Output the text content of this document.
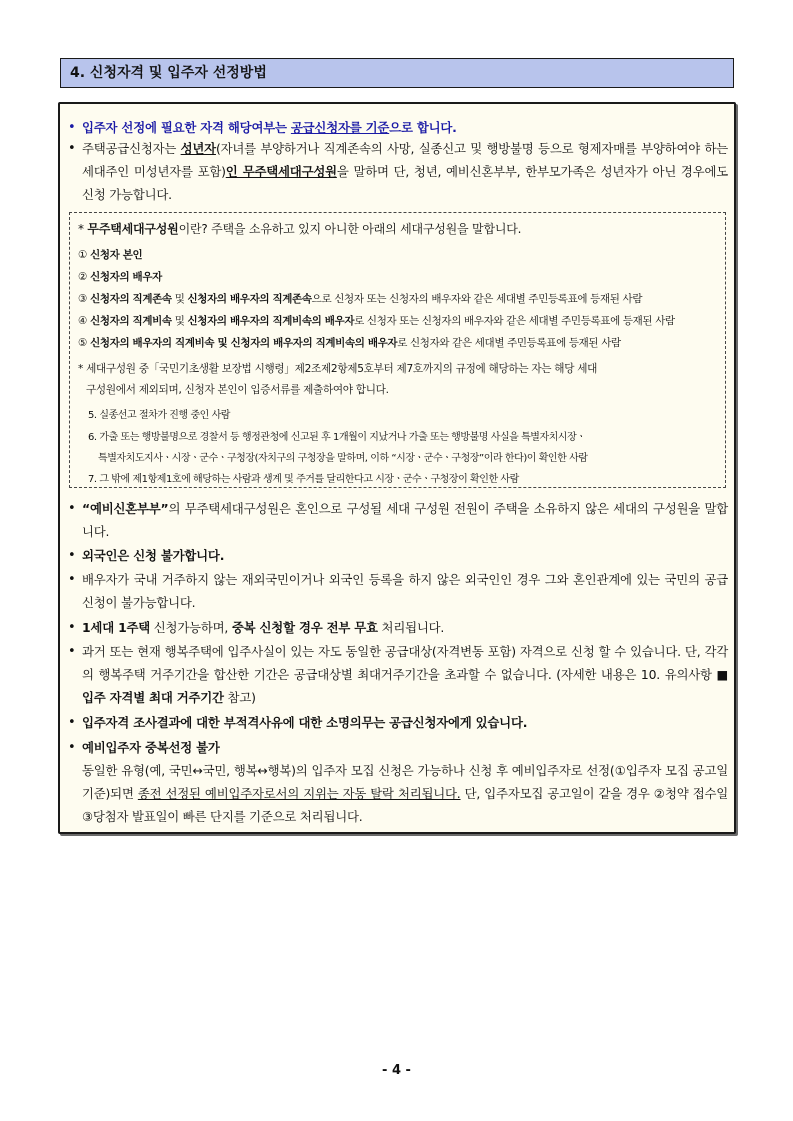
4. 신청자격 및 입주자 선정방법
• 입주자 선정에 필요한 자격 해당여부는 공급신청자를 기준으로 합니다.
• 주택공급신청자는 성년자(자녀를 부양하거나 직계존속의 사망, 실종신고 및 행방불명 등으로 형제자매를 부양하여야 하는 세대주인 미성년자를 포함)인 무주택세대구성원을 말하며 단, 청년, 예비신혼부부, 한부모가족은 성년자가 아닌 경우에도 신청 가능합니다.
* 무주택세대구성원이란? 주택을 소유하고 있지 아니한 아래의 세대구성원을 말합니다.
① 신청자 본인
② 신청자의 배우자
③ 신청자의 직계존속 및 신청자의 배우자의 직계존속으로 신청자 또는 신청자의 배우자와 같은 세대별 주민등록표에 등재된 사람
④ 신청자의 직계비속 및 신청자의 배우자의 직계비속의 배우자로 신청자 또는 신청자의 배우자와 같은 세대별 주민등록표에 등재된 사람
⑤ 신청자의 배우자의 직계비속 및 신청자의 배우자의 직계비속의 배우자로 신청자와 같은 세대별 주민등록표에 등재된 사람
* 세대구성원 중「국민기초생활 보장법 시행령」제2조제2항제5호부터 제7호까지의 규정에 해당하는 자는 해당 세대
구성원에서 제외되며, 신청자 본인이 입증서류를 제출하여야 합니다.
5. 실종선고 절차가 진행 중인 사람
6. 가출 또는 행방불명으로 경찰서 등 행정관청에 신고된 후 1개월이 지났거나 가출 또는 행방불명 사실을 특별자치시장ㆍ
특별자치도지사ㆍ시장ㆍ군수ㆍ구청장(자치구의 구청장을 말하며, 이하 “시장ㆍ군수ㆍ구청장”이라 한다)이 확인한 사람
7. 그 밖에 제1항제1호에 해당하는 사람과 생계 및 주거를 달리한다고 시장ㆍ군수ㆍ구청장이 확인한 사람
• “예비신혼부부”의 무주택세대구성원은 혼인으로 구성될 세대 구성원 전원이 주택을 소유하지 않은 세대의 구성원을 말합니다.
• 외국인은 신청 불가합니다.
• 배우자가 국내 거주하지 않는 재외국민이거나 외국인 등록을 하지 않은 외국인인 경우 그와 혼인관계에 있는 국민의 공급 신청이 불가능합니다.
• 1세대 1주택 신청가능하며, 중복 신청할 경우 전부 무효 처리됩니다.
• 과거 또는 현재 행복주택에 입주사실이 있는 자도 동일한 공급대상(자격변동 포함) 자격으로 신청 할 수 있습니다. 단, 각각의 행복주택 거주기간을 합산한 기간은 공급대상별 최대거주기간을 초과할 수 없습니다. (자세한 내용은 10. 유의사항 ■ 입주 자격별 최대 거주기간 참고)
• 입주자격 조사결과에 대한 부적격사유에 대한 소명의무는 공급신청자에게 있습니다.
• 예비입주자 중복선정 불가
동일한 유형(예, 국민↔국민, 행복↔행복)의 입주자 모집 신청은 가능하나 신청 후 예비입주자로 선정(①입주자 모집 공고일 기준)되면 종전 선정된 예비입주자로서의 지위는 자동 탈락 처리됩니다. 단, 입주자모집 공고일이 같을 경우 ②청약 접수일 ③당첨자 발표일이 빠른 단지를 기준으로 처리됩니다.
- 4 -
